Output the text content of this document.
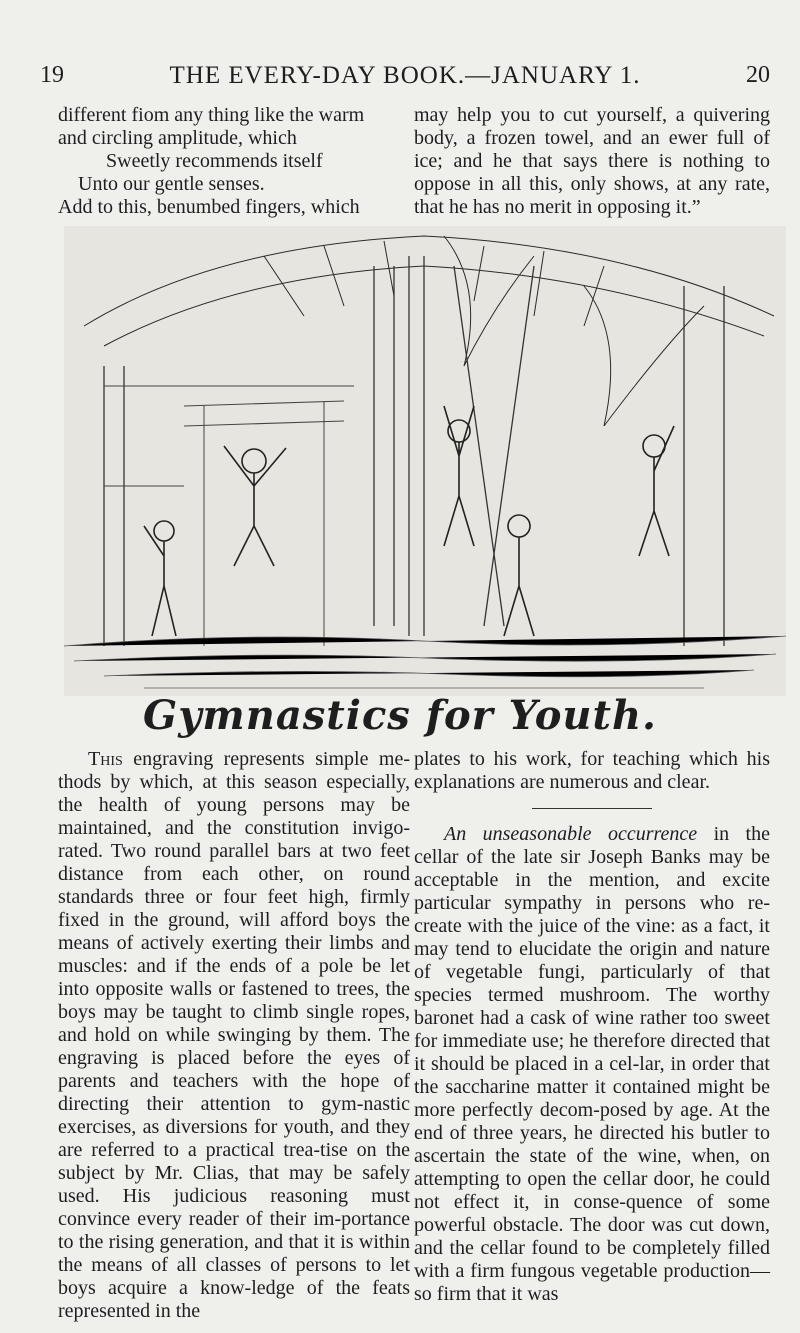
19	THE EVERY-DAY BOOK.—JANUARY 1.	20

different fiom any thing like the warm

and circling amplitude, which

Sweetly recommends itself

Unto our gentle senses.

Add to this, benumbed fingers, which

may help you to cut yourself, a quivering body, a frozen towel, and an ewer full of ice; and he that says there is nothing to oppose in all this, only shows, at any rate, that he has no merit in opposing it.”

Gymnastics for Youth.

This engraving represents simple me-thods by which, at this season especially, the health of young persons may be maintained, and the constitution invigo-rated. Two round parallel bars at two feet distance from each other, on round standards three or four feet high, firmly fixed in the ground, will afford boys the means of actively exerting their limbs and muscles: and if the ends of a pole be let into opposite walls or fastened to trees, the boys may be taught to climb single ropes, and hold on while swinging by them. The engraving is placed before the eyes of parents and teachers with the hope of directing their attention to gym-nastic exercises, as diversions for youth, and they are referred to a practical trea-tise on the subject by Mr. Clias, that may be safely used. His judicious reasoning must convince every reader of their im-portance to the rising generation, and that it is within the means of all classes of persons to let boys acquire a know-ledge of the feats represented in the

plates to his work, for teaching which his explanations are numerous and clear.

An unseasonable occurrence in the cellar of the late sir Joseph Banks may be acceptable in the mention, and excite particular sympathy in persons who re-create with the juice of the vine: as a fact, it may tend to elucidate the origin and nature of vegetable fungi, particularly of that species termed mushroom. The worthy baronet had a cask of wine rather too sweet for immediate use; he therefore directed that it should be placed in a cel-lar, in order that the saccharine matter it contained might be more perfectly decom-posed by age. At the end of three years, he directed his butler to ascertain the state of the wine, when, on attempting to open the cellar door, he could not effect it, in conse-quence of some powerful obstacle. The door was cut down, and the cellar found to be completely filled with a firm fungous vegetable production—so firm that it was
